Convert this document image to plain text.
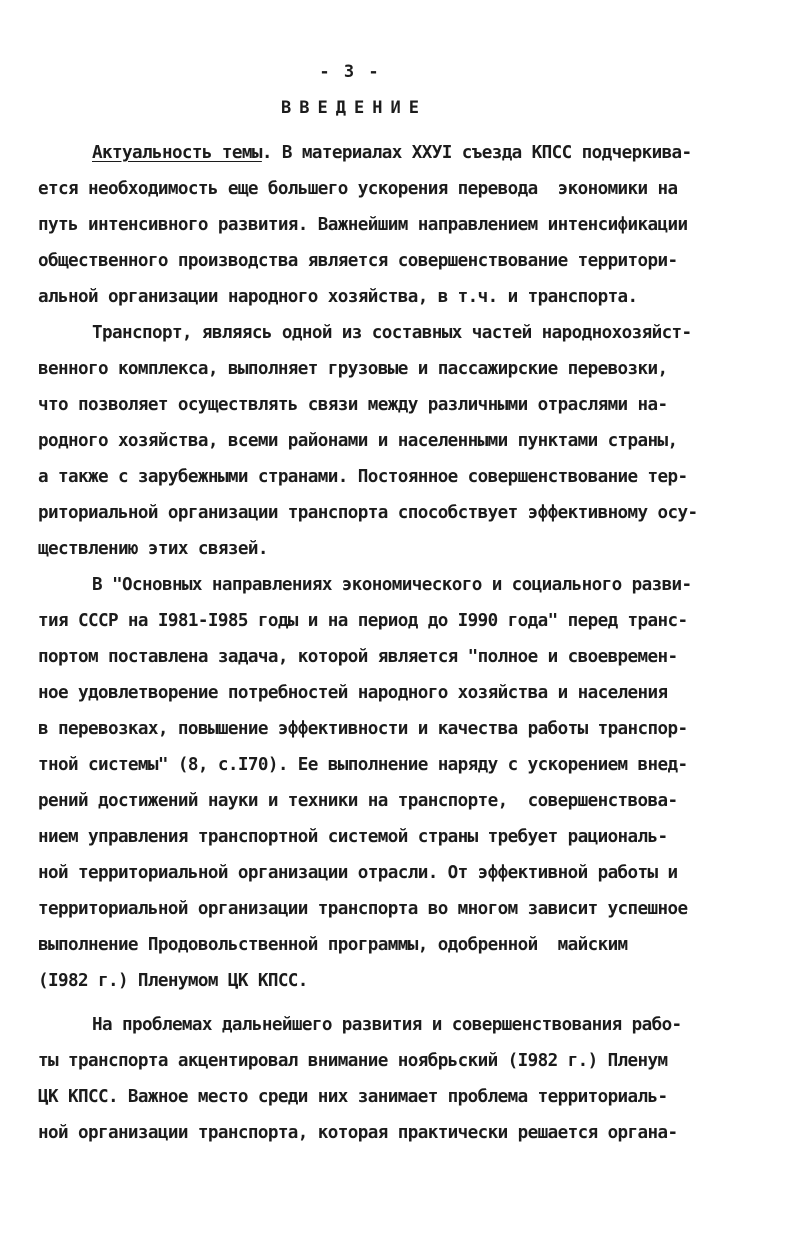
- 3 -
ВВЕДЕНИЕ
Актуальность темы. В материалах ХХУI съезда КПСС подчеркива-
ется необходимость еще большего ускорения перевода  экономики на
путь интенсивного развития. Важнейшим направлением интенсификации
общественного производства является совершенствование территори-
альной организации народного хозяйства, в т.ч. и транспорта.
Транспорт, являясь одной из составных частей народнохозяйст-
венного комплекса, выполняет грузовые и пассажирские перевозки,
что позволяет осуществлять связи между различными отраслями на-
родного хозяйства, всеми районами и населенными пунктами страны,
а также с зарубежными странами. Постоянное совершенствование тер-
риториальной организации транспорта способствует эффективному осу-
ществлению этих связей.
В "Основных направлениях экономического и социального разви-
тия СССР на I981-I985 годы и на период до I990 года" перед транс-
портом поставлена задача, которой является "полное и своевремен-
ное удовлетворение потребностей народного хозяйства и населения
в перевозках, повышение эффективности и качества работы транспор-
тной системы" (8, с.I70). Ее выполнение наряду с ускорением внед-
рений достижений науки и техники на транспорте,  совершенствова-
нием управления транспортной системой страны требует рациональ-
ной территориальной организации отрасли. От эффективной работы и
территориальной организации транспорта во многом зависит успешное
выполнение Продовольственной программы, одобренной  майским
(I982 г.) Пленумом ЦК КПСС.
На проблемах дальнейшего развития и совершенствования рабо-
ты транспорта акцентировал внимание ноябрьский (I982 г.) Пленум
ЦК КПСС. Важное место среди них занимает проблема территориаль-
ной организации транспорта, которая практически решается органа-
